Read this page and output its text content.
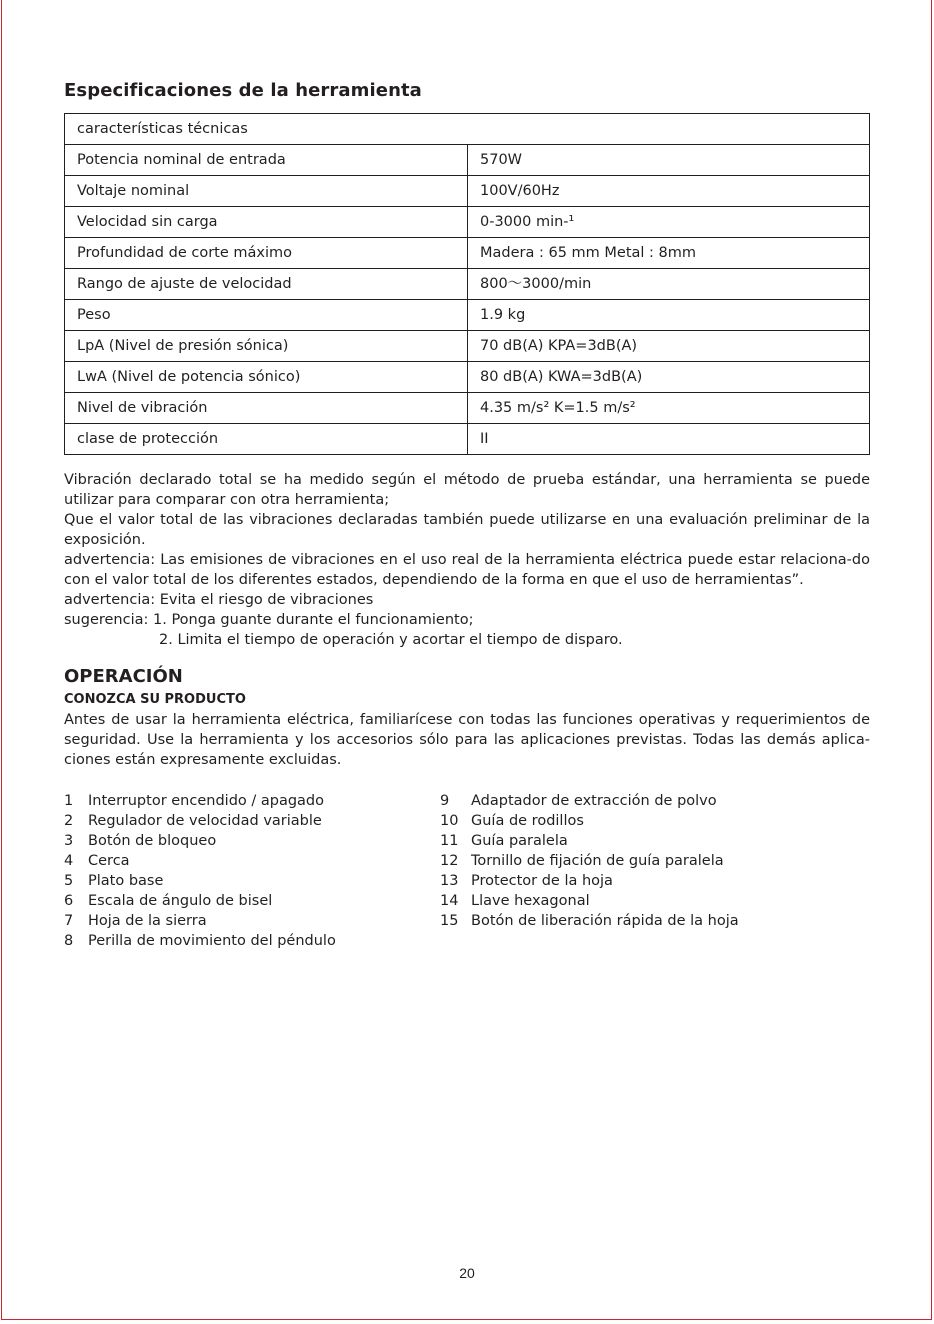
Especificaciones de la herramienta
características técnicas	
Potencia nominal de entrada	570W
Voltaje nominal	100V/60Hz
Velocidad sin carga	0-3000 min-¹
Profundidad de corte máximo	Madera : 65 mm Metal : 8mm
Rango de ajuste de velocidad	800～3000/min
Peso	1.9 kg
LpA (Nivel de presión sónica)	70 dB(A) KPA=3dB(A)
LwA (Nivel de potencia sónico)	80 dB(A) KWA=3dB(A)
Nivel de vibración	4.35 m/s² K=1.5 m/s²
clase de protección	II

Vibración declarado total se ha medido según el método de prueba estándar, una herramienta se puede utilizar para comparar con otra herramienta;

Que el valor total de las vibraciones declaradas también puede utilizarse en una evaluación preliminar de la exposición.

advertencia: Las emisiones de vibraciones en el uso real de la herramienta eléctrica puede estar relaciona-do con el valor total de los diferentes estados, dependiendo de la forma en que el uso de herramientas”.

advertencia: Evita el riesgo de vibraciones

sugerencia: 1. Ponga guante durante el funcionamiento;

2. Limita el tiempo de operación y acortar el tiempo de disparo.

OPERACIÓN
CONOZCA SU PRODUCTO

Antes de usar la herramienta eléctrica, familiarícese con todas las funciones operativas y requerimientos de seguridad. Use la herramienta y los accesorios sólo para las aplicaciones previstas. Todas las demás aplica-ciones están expresamente excluidas.

1	Interruptor encendido / apagado
2	Regulador de velocidad variable
3	Botón de bloqueo
4	Cerca
5	Plato base
6	Escala de ángulo de bisel
7	Hoja de la sierra
8	Perilla de movimiento del péndulo
9	Adaptador de extracción de polvo
10 Guía de rodillos
11 Guía paralela
12 Tornillo de fijación de guía paralela
13 Protector de la hoja
14 Llave hexagonal
15 Botón de liberación rápida de la hoja
20
